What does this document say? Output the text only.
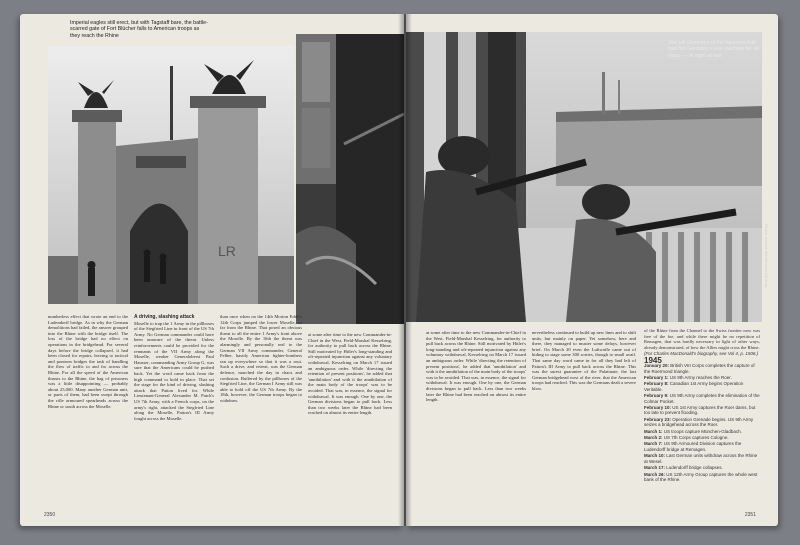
Imperial eagles still erect, but with Tagstaff bare, the battle-scarred gate of Fort Blücher falls to American troops as they reach the Rhine
LR

numberless effect that wrote an end to the Ludendorff bridge. As in why the German demolitions had failed, the answer grouped into the Rhine with the bridge itself. The loss of the bridge had no effect on operations in the bridgehead. For several days before the bridge collapsed, it had been closed for repairs, leaving to tactical and pontoon bridges the task of handling the flow of traffic to and fro across the Rhine. For all the speed of the American thrusts to the Rhine, the bag of prisoners was a little disappointing — probably about 25,000. Many another German unit, or parts of them, had been swept through the rifle armoured spearheads across the Rhine or south across the Moselle.

A driving, slashing attack

Moselle to trap the 1 Army in the pillboxes of the Siegfried Line in front of the US 7th Army. No German commander could have been unaware of the threat. Unless reinforcements could be provided for the remnants of the VII Army along the Moselle, weaker Generaloberst Paul Hausser, commanding Army Group G, was sure that the Americans could be pushed back. Yet the word came back from the high command to hold in place. That set the stage for the kind of driving, slashing attack that Patton lived for. While Lieutenant-General Alexander M. Patch's US 7th Army, with a French corps, on the army's right, attacked the Siegfried Line along the Moselle, Patton's III Army fought across the Moselle.

than once when on the 14th Morton Eddy's 12th Corps jumped the lower Moselle, so far from the Rhine. That posed an obvious threat to all the entire 1 Army's front above the Moselle. By the 16th the threat was alarmingly and personally real to the German VII Army commander, General Felber, hastily American fighter-bombers ran up everywhere so that it was a rout. Such a drive, and retreat, was the German defence, marched the day in chaos and confusion. Buffered by the pillboxes of the Siegfried Line, the German I Army still was able to hold off the US 7th Army. By the 18th, however, the German troops began to withdraw.

at some after time to the new Commander-in-Chief in the West, Field-Marshal Kesselring, for authority to pull back across the Rhine. Still motivated by Hitler's long-standing and oft-repeated injunction against any voluntary withdrawal, Kesselring on March 17 issued an ambiguous order. While 'directing the retention of present positions', he added that 'annihilation' and with it the annihilation of the main body of the troops' was to be avoided. That was, in essence, the signal for withdrawal. It was enough. One by one, the German divisions began to pull back. Less than two weeks later the Rhine had been reached on almost its entire length.

2350
The tall chimneys of the factories that had fed Germany's war machine for six years — in sight at last
Photos: Imperial War Museum/US Army

at some after time to the new Commander-in-Chief in the West, Field-Marshal Kesselring, for authority to pull back across the Rhine. Still motivated by Hitler's long-standing and oft-repeated injunction against any voluntary withdrawal, Kesselring on March 17 issued an ambiguous order. While 'directing the retention of present positions', he added that 'annihilation' and with it the annihilation of the main body of the troops' was to be avoided. That was, in essence, the signal for withdrawal. It was enough. One by one, the German divisions began to pull back. Less than two weeks later the Rhine had been reached on almost its entire length.

nevertheless continued to build up new lines and to shift units, but mainly on paper. Yet somehow, here and there, they managed to muster some delays, however brief. On March 20 even the Luftwaffe came out of hiding to stage some 300 sorties, though to small avail. That same day word came in for all they had left of Patton's III Army to pull back across the Rhine. This was the surest guarantee of the Palatinate, the last German bridgehead west of the river, that the American troops had reached. This was the Germans dealt a severe blow.

of the Rhine from the Channel to the Swiss frontier now was free of the foe, and while there might be no repetition of Remagen, that was hardly necessary in light of other ways, already demonstrated, of how the Allies might cross the Rhine.

(For Charles MacDonald's biography, see Vol 4, p. 1506.)

1945

January 20: British VIII Corps completes the capture of the Roermond triangle.

February 1: US 9th Army reaches the Roer.

February 8: Canadian 1st Army begins Operation Veritable.

February 9: US 9th Army completes the elimination of the Colmar Pocket.

February 10: US 1st Army captures the Roer dams, but too late to prevent flooding.

February 23: Operation Grenade begins. US 9th Army seizes a bridgehead across the Roer.

March 1: US troops capture München-Gladbach.

March 2: US 7th Corps captures Cologne.

March 7: US 9th Armoured Division captures the Ludendorff bridge at Remagen.

March 10: Last German units withdraw across the Rhine at Wesel.

March 17: Ludendorff bridge collapses.

March 26: US 12th Army Group captures the whole west bank of the Rhine.

2351
